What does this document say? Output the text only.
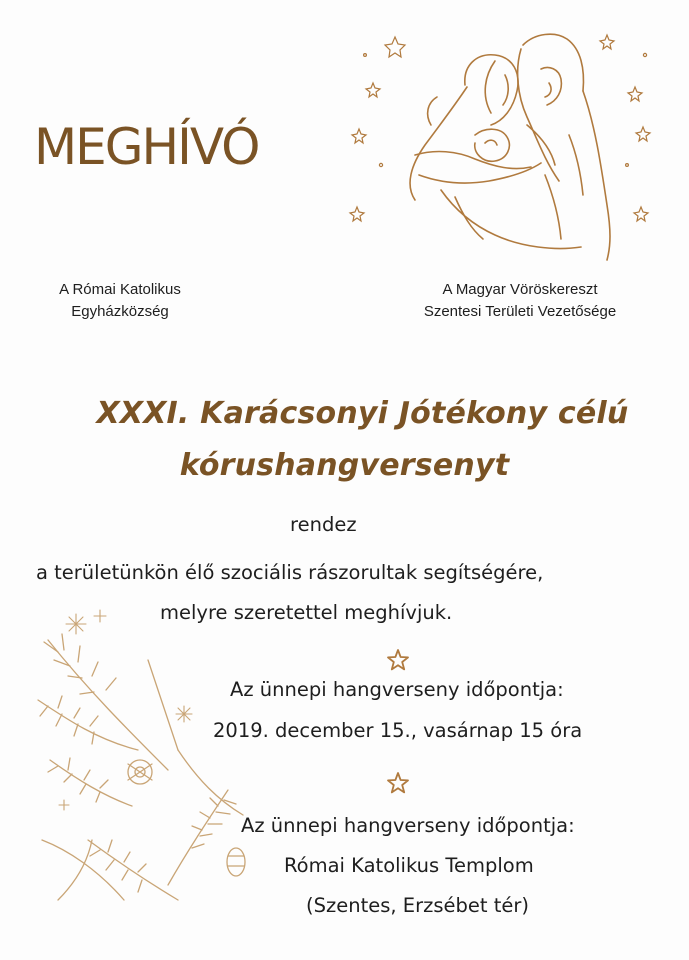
MEGHÍVÓ
A Római Katolikus
Egyházközség
A Magyar Vöröskereszt
Szentesi Területi Vezetősége
XXXI. Karácsonyi Jótékony célú
kórushangversenyt
rendez
a területünkön élő szociális rászorultak segítségére,
melyre szeretettel meghívjuk.
Az ünnepi hangverseny időpontja:
2019. december 15., vasárnap 15 óra
Az ünnepi hangverseny időpontja:
Római Katolikus Templom
(Szentes, Erzsébet tér)
